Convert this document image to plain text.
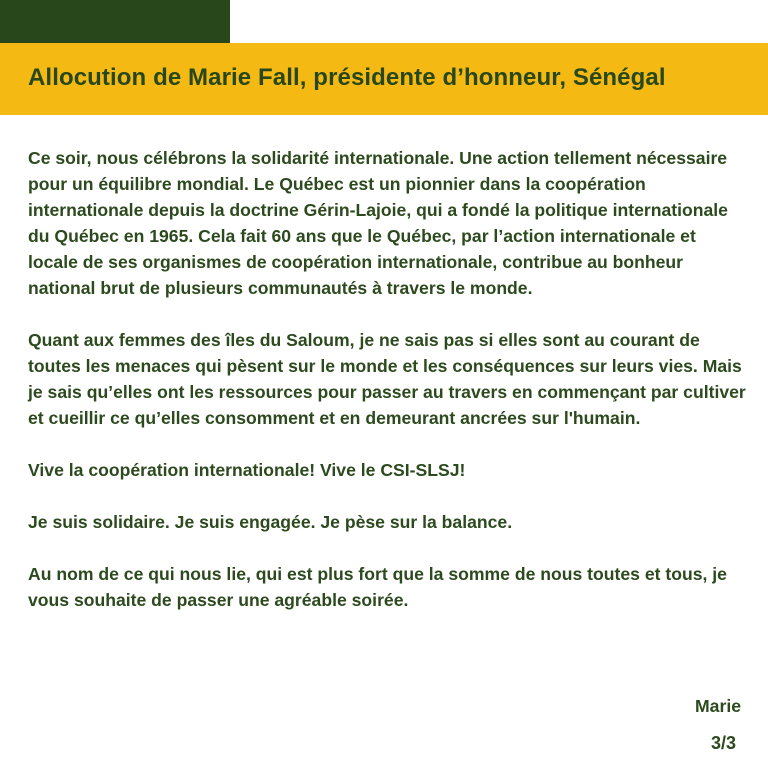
Allocution de Marie Fall, présidente d’honneur, Sénégal

Ce soir, nous célébrons la solidarité internationale. Une action tellement nécessaire pour un équilibre mondial. Le Québec est un pionnier dans la coopération internationale depuis la doctrine Gérin-Lajoie, qui a fondé la politique internationale du Québec en 1965. Cela fait 60 ans que le Québec, par l’action internationale et locale de ses organismes de coopération internationale, contribue au bonheur national brut de plusieurs communautés à travers le monde.

Quant aux femmes des îles du Saloum, je ne sais pas si elles sont au courant de toutes les menaces qui pèsent sur le monde et les conséquences sur leurs vies. Mais je sais qu’elles ont les ressources pour passer au travers en commençant par cultiver et cueillir ce qu’elles consomment et en demeurant ancrées sur l'humain.

Vive la coopération internationale! Vive le CSI-SLSJ!

Je suis solidaire. Je suis engagée. Je pèse sur la balance.

Au nom de ce qui nous lie, qui est plus fort que la somme de nous toutes et tous, je vous souhaite de passer une agréable soirée.

Marie
3/3
